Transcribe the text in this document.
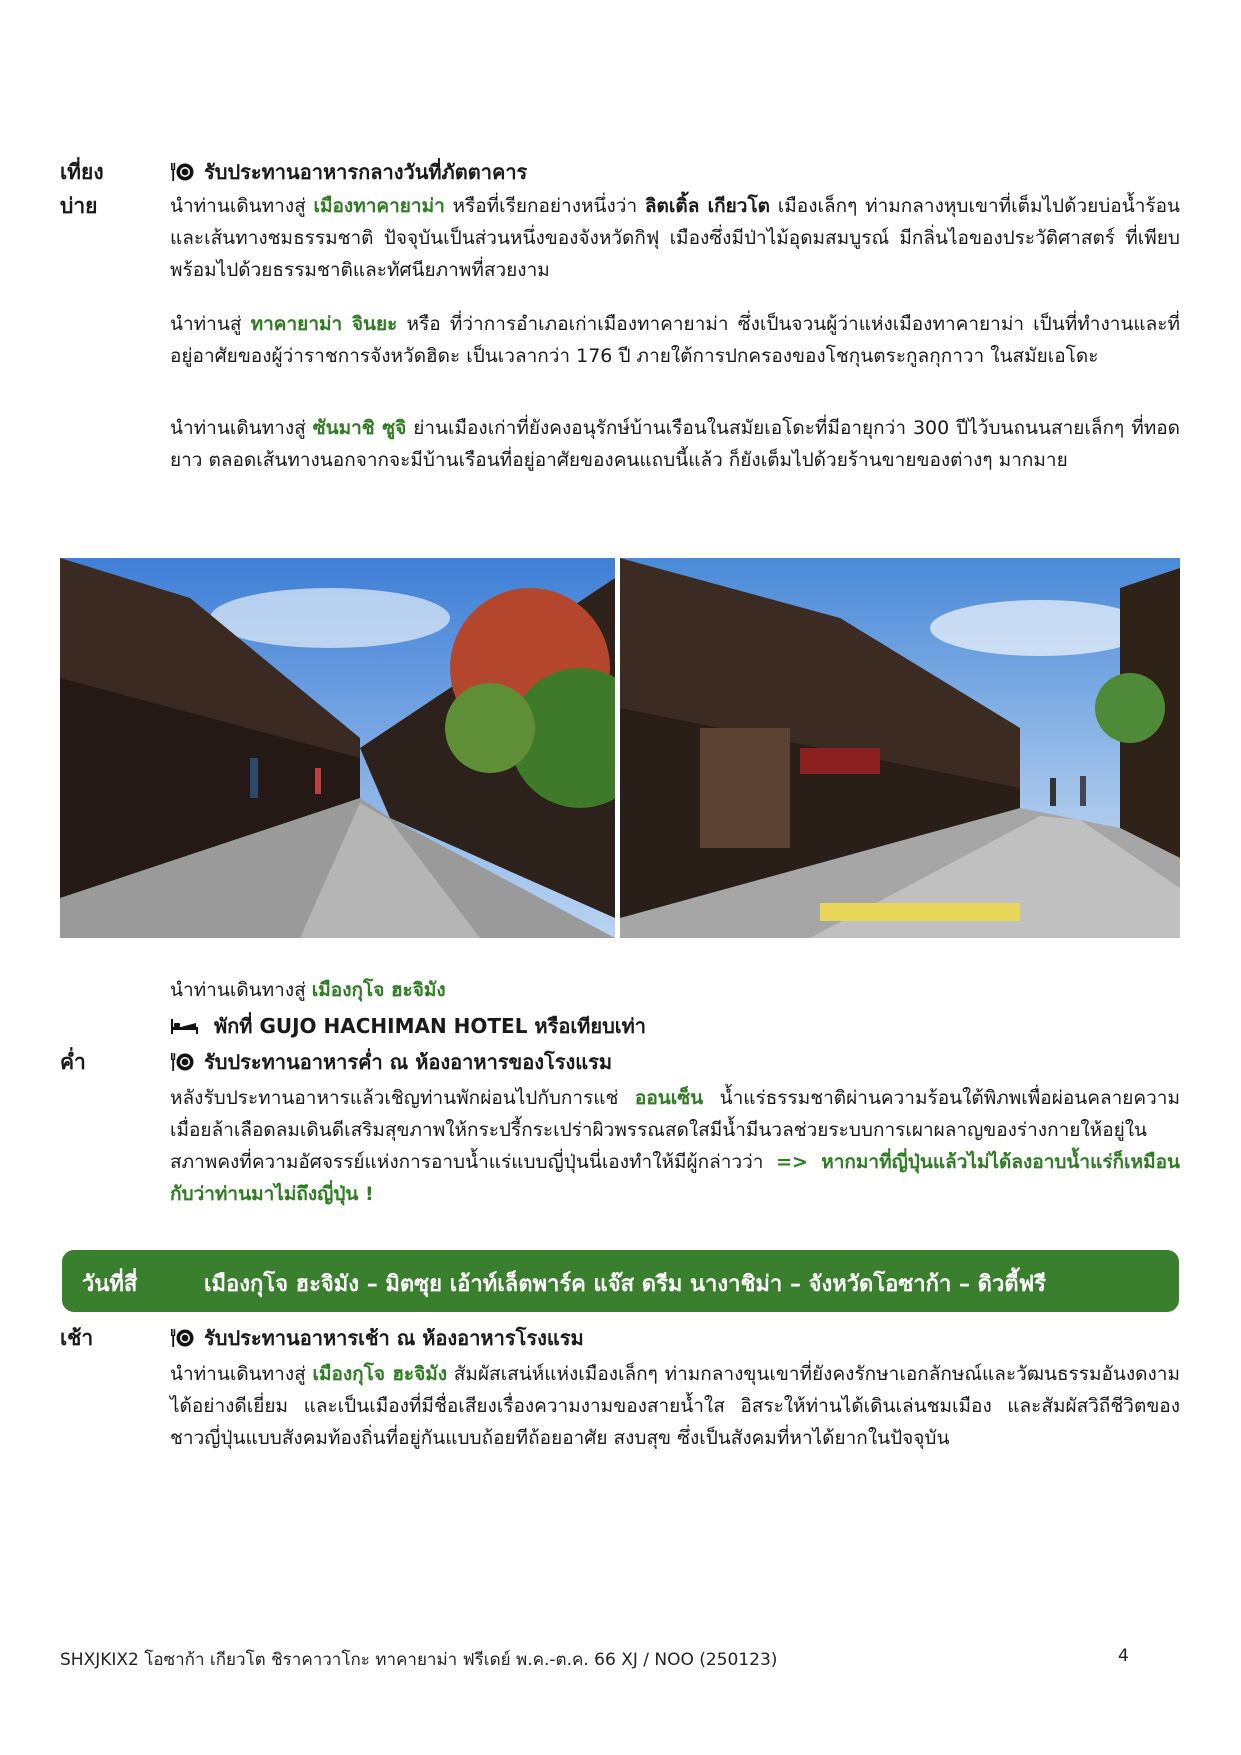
เที่ยง	รับประทานอาหารกลางวันที่ภัตตาคาร
บ่าย	นำท่านเดินทางสู่ เมืองทาคายาม่า หรือที่เรียกอย่างหนึ่งว่า ลิตเติ้ล เกียวโต เมืองเล็กๆ ท่ามกลางหุบเขาที่เต็มไปด้วยบ่อน้ำร้อนและเส้นทางชมธรรมชาติ ปัจจุบันเป็นส่วนหนึ่งของจังหวัดกิฟุ เมืองซึ่งมีป่าไม้อุดมสมบูรณ์ มีกลิ่นไอของประวัติศาสตร์ ที่เพียบพร้อมไปด้วยธรรมชาติและทัศนียภาพที่สวยงาม
นำท่านสู่ ทาคายาม่า จินยะ หรือ ที่ว่าการอำเภอเก่าเมืองทาคายาม่า ซึ่งเป็นจวนผู้ว่าแห่งเมืองทาคายาม่า เป็นที่ทำงานและที่อยู่อาศัยของผู้ว่าราชการจังหวัดฮิดะ เป็นเวลากว่า 176 ปี ภายใต้การปกครองของโชกุนตระกูลกุกาวา ในสมัยเอโดะ
นำท่านเดินทางสู่ ซันมาชิ ซูจิ ย่านเมืองเก่าที่ยังคงอนุรักษ์บ้านเรือนในสมัยเอโดะที่มีอายุกว่า 300 ปีไว้บนถนนสายเล็กๆ ที่ทอดยาว ตลอดเส้นทางนอกจากจะมีบ้านเรือนที่อยู่อาศัยของคนแถบนี้แล้ว ก็ยังเต็มไปด้วยร้านขายของต่างๆ มากมาย
นำท่านเดินทางสู่ เมืองกุโจ ฮะจิมัง
พักที่ GUJO HACHIMAN HOTEL หรือเทียบเท่า
ค่ำ	รับประทานอาหารค่ำ ณ ห้องอาหารของโรงแรม
หลังรับประทานอาหารแล้วเชิญท่านพักผ่อนไปกับการแช่ ออนเซ็น น้ำแร่ธรรมชาติผ่านความร้อนใต้พิภพเพื่อผ่อนคลายความเมื่อยล้าเลือดลมเดินดีเสริมสุขภาพให้กระปรี้กระเปร่าผิวพรรณสดใสมีน้ำมีนวลช่วยระบบการเผาผลาญของร่างกายให้อยู่ในสภาพคงที่ความอัศจรรย์แห่งการอาบน้ำแร่แบบญี่ปุ่นนี่เองทำให้มีผู้กล่าวว่า => หากมาที่ญี่ปุ่นแล้วไม่ได้ลงอาบน้ำแร่ก็เหมือนกับว่าท่านมาไม่ถึงญี่ปุ่น !
วันที่สี่	เมืองกุโจ ฮะจิมัง – มิตซุย เอ้าท์เล็ตพาร์ค แจ๊ส ดรีม นางาชิม่า – จังหวัดโอซาก้า – ดิวตี้ฟรี
เช้า	รับประทานอาหารเช้า ณ ห้องอาหารโรงแรม
นำท่านเดินทางสู่ เมืองกุโจ ฮะจิมัง สัมผัสเสน่ห์แห่งเมืองเล็กๆ ท่ามกลางขุนเขาที่ยังคงรักษาเอกลักษณ์และวัฒนธรรมอันงดงามได้อย่างดีเยี่ยม และเป็นเมืองที่มีชื่อเสียงเรื่องความงามของสายน้ำใส อิสระให้ท่านได้เดินเล่นชมเมือง และสัมผัสวิถีชีวิตของชาวญี่ปุ่นแบบสังคมท้องถิ่นที่อยู่กันแบบถ้อยทีถ้อยอาศัย สงบสุข ซึ่งเป็นสังคมที่หาได้ยากในปัจจุบัน
SHXJKIX2 โอซาก้า เกียวโต ชิราคาวาโกะ ทาคายาม่า ฟรีเดย์ พ.ค.-ต.ค. 66 XJ / NOO (250123)	4
